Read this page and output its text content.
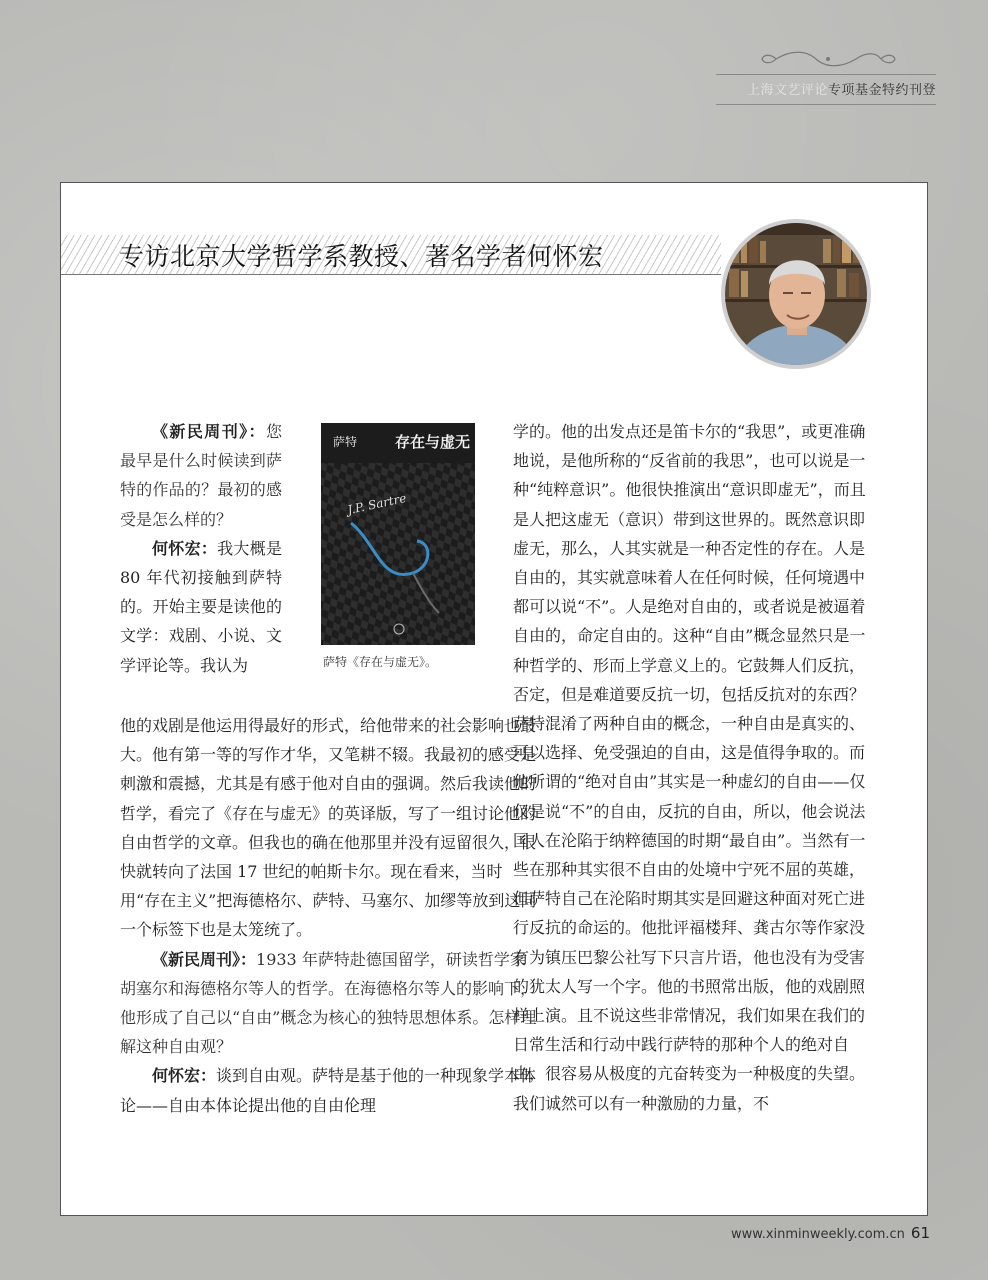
上海文艺评论专项基金特约刊登
专访北京大学哲学系教授、著名学者何怀宏

《新民周刊》：您最早是什么时候读到萨特的作品的？最初的感受是怎么样的？

何怀宏：我大概是 80 年代初接触到萨特的。开始主要是读他的文学：戏剧、小说、文学评论等。我认为

萨特	存在与虚无
J.P. Sartre
萨特《存在与虚无》。

他的戏剧是他运用得最好的形式，给他带来的社会影响也最大。他有第一等的写作才华，又笔耕不辍。我最初的感受是刺激和震撼，尤其是有感于他对自由的强调。然后我读他的哲学，看完了《存在与虚无》的英译版，写了一组讨论他的自由哲学的文章。但我也的确在他那里并没有逗留很久，很快就转向了法国 17 世纪的帕斯卡尔。现在看来，当时用“存在主义”把海德格尔、萨特、马塞尔、加缪等放到这同一个标签下也是太笼统了。

《新民周刊》：1933 年萨特赴德国留学，研读哲学家胡塞尔和海德格尔等人的哲学。在海德格尔等人的影响下，他形成了自己以“自由”概念为核心的独特思想体系。怎样理解这种自由观？

何怀宏：谈到自由观。萨特是基于他的一种现象学本体论——自由本体论提出他的自由伦理

学的。他的出发点还是笛卡尔的“我思”，或更准确地说，是他所称的“反省前的我思”，也可以说是一种“纯粹意识”。他很快推演出“意识即虚无”，而且是人把这虚无（意识）带到这世界的。既然意识即虚无，那么，人其实就是一种否定性的存在。人是自由的，其实就意味着人在任何时候，任何境遇中都可以说“不”。人是绝对自由的，或者说是被逼着自由的，命定自由的。这种“自由”概念显然只是一种哲学的、形而上学意义上的。它鼓舞人们反抗，否定，但是难道要反抗一切，包括反抗对的东西？萨特混淆了两种自由的概念，一种自由是真实的、可以选择、免受强迫的自由，这是值得争取的。而他所谓的“绝对自由”其实是一种虚幻的自由——仅仅是说“不”的自由，反抗的自由，所以，他会说法国人在沦陷于纳粹德国的时期“最自由”。当然有一些在那种其实很不自由的处境中宁死不屈的英雄，但萨特自己在沦陷时期其实是回避这种面对死亡进行反抗的命运的。他批评福楼拜、龚古尔等作家没有为镇压巴黎公社写下只言片语，他也没有为受害的犹太人写一个字。他的书照常出版，他的戏剧照样上演。且不说这些非常情况，我们如果在我们的日常生活和行动中践行萨特的那种个人的绝对自由，很容易从极度的亢奋转变为一种极度的失望。我们诚然可以有一种激励的力量，不

www.xinminweekly.com.cn 61
